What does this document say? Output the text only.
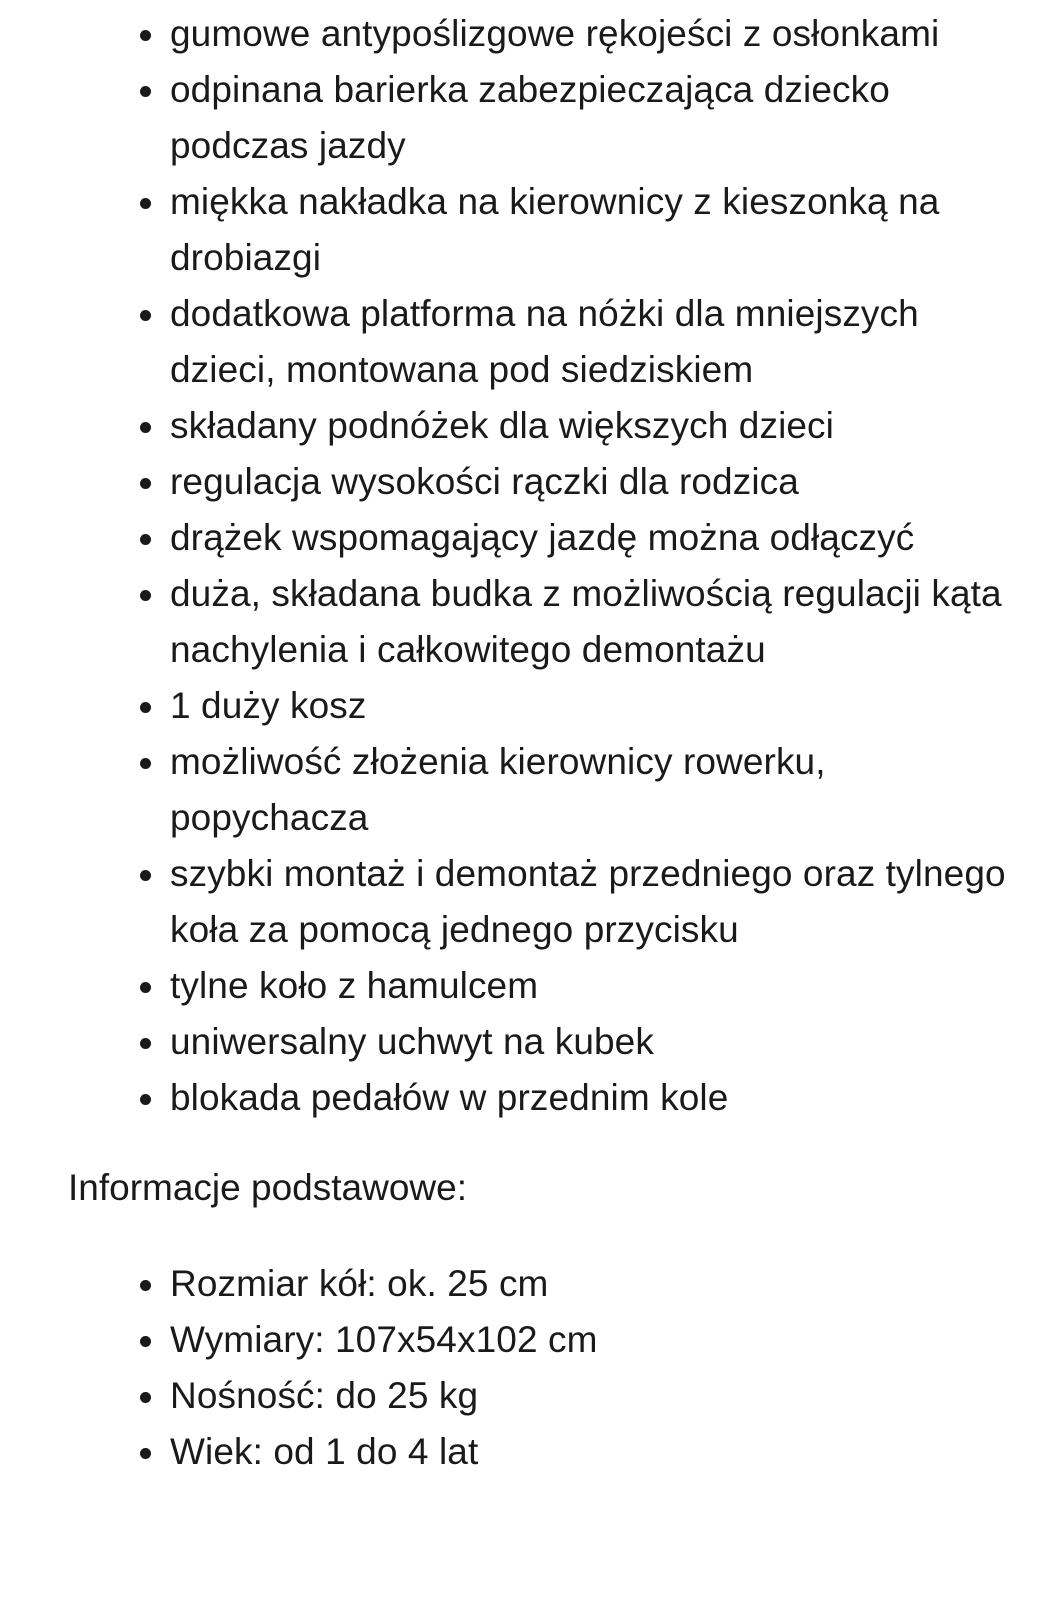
gumowe antypoślizgowe rękojeści z osłonkami
odpinana barierka zabezpieczająca dziecko podczas jazdy
miękka nakładka na kierownicy z kieszonką na drobiazgi
dodatkowa platforma na nóżki dla mniejszych dzieci, montowana pod siedziskiem
składany podnóżek dla większych dzieci
regulacja wysokości rączki dla rodzica
drążek wspomagający jazdę można odłączyć
duża, składana budka z możliwością regulacji kąta nachylenia i całkowitego demontażu
1 duży kosz
możliwość złożenia kierownicy rowerku, popychacza
szybki montaż i demontaż przedniego oraz tylnego koła za pomocą jednego przycisku
tylne koło z hamulcem
uniwersalny uchwyt na kubek
blokada pedałów w przednim kole

Informacje podstawowe:

Rozmiar kół: ok. 25 cm
Wymiary: 107x54x102 cm
Nośność: do 25 kg
Wiek: od 1 do 4 lat
